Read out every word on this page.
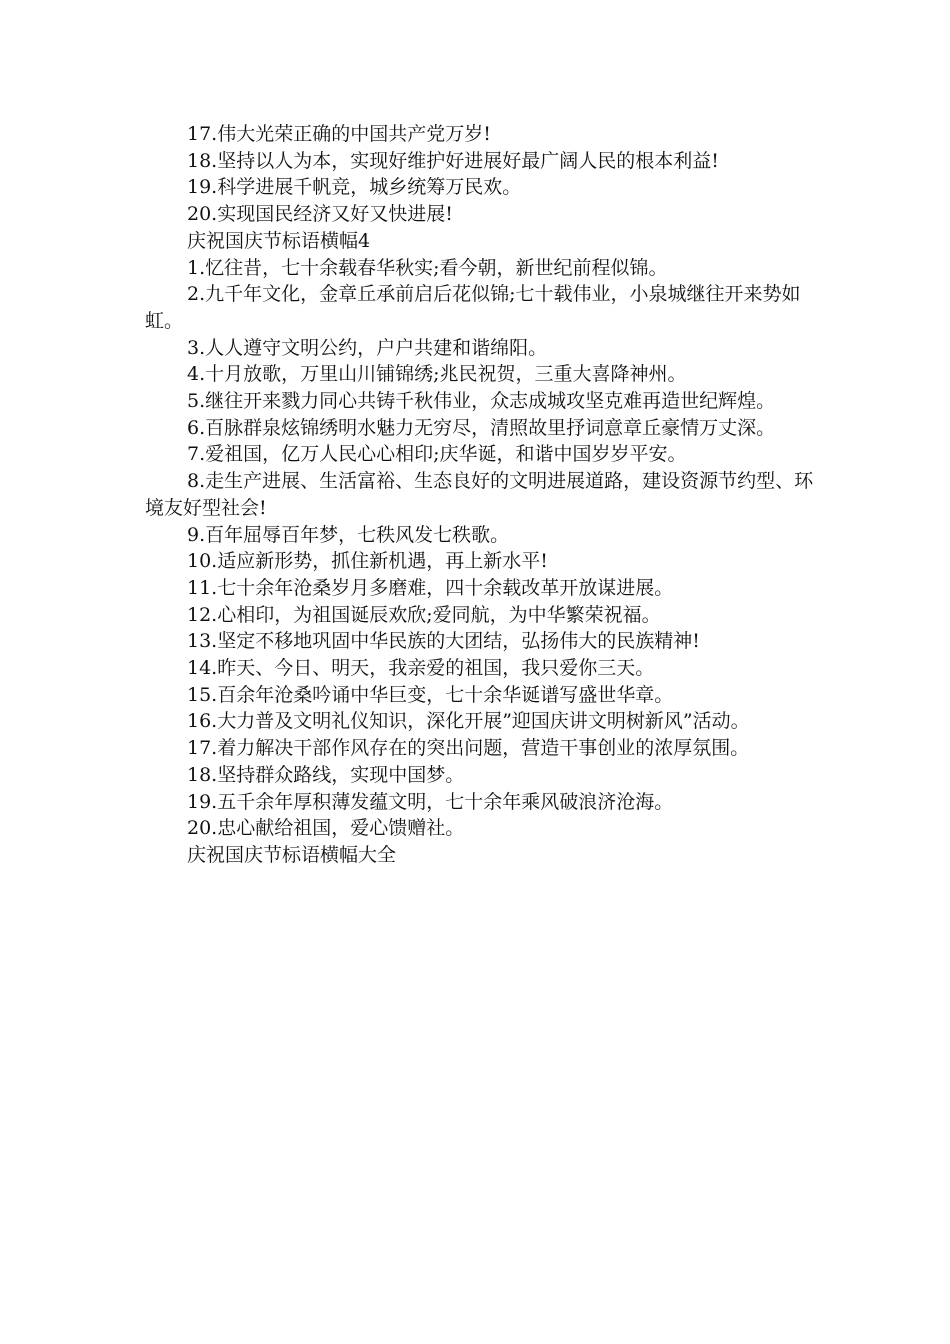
17.伟大光荣正确的中国共产党万岁!

18.坚持以人为本，实现好维护好进展好最广阔人民的根本利益!

19.科学进展千帆竞，城乡统筹万民欢。

20.实现国民经济又好又快进展!

庆祝国庆节标语横幅4

1.忆往昔，七十余载春华秋实;看今朝，新世纪前程似锦。

2.九千年文化，金章丘承前启后花似锦;七十载伟业，小泉城继往开来势如虹。

3.人人遵守文明公约，户户共建和谐绵阳。

4.十月放歌，万里山川铺锦绣;兆民祝贺，三重大喜降神州。

5.继往开来戮力同心共铸千秋伟业，众志成城攻坚克难再造世纪辉煌。

6.百脉群泉炫锦绣明水魅力无穷尽，清照故里抒词意章丘豪情万丈深。

7.爱祖国，亿万人民心心相印;庆华诞，和谐中国岁岁平安。

8.走生产进展、生活富裕、生态良好的文明进展道路，建设资源节约型、环境友好型社会!

9.百年屈辱百年梦，七秩风发七秩歌。

10.适应新形势，抓住新机遇，再上新水平!

11.七十余年沧桑岁月多磨难，四十余载改革开放谋进展。

12.心相印，为祖国诞辰欢欣;爱同航，为中华繁荣祝福。

13.坚定不移地巩固中华民族的大团结，弘扬伟大的民族精神!

14.昨天、今日、明天，我亲爱的祖国，我只爱你三天。

15.百余年沧桑吟诵中华巨变，七十余华诞谱写盛世华章。

16.大力普及文明礼仪知识，深化开展”迎国庆讲文明树新风”活动。

17.着力解决干部作风存在的突出问题，营造干事创业的浓厚氛围。

18.坚持群众路线，实现中国梦。

19.五千余年厚积薄发蕴文明，七十余年乘风破浪济沧海。

20.忠心献给祖国，爱心馈赠社。

庆祝国庆节标语横幅大全
